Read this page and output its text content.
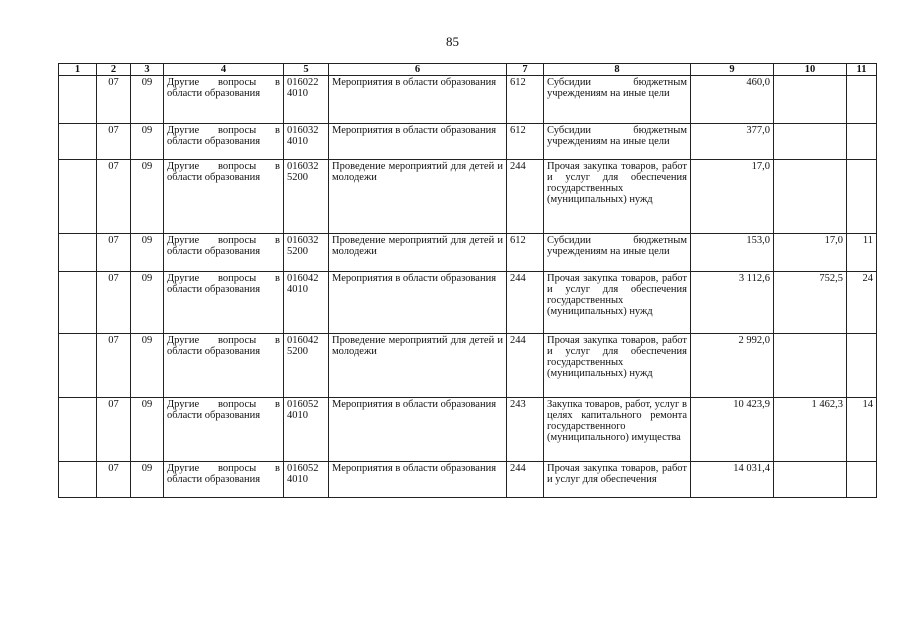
85
1	2	3	4	5	6	7	8	9	10	11
	07	09	Другие вопросы в области образования	016022 4010	Мероприятия в области образования	612	Субсидии бюджетным учреждениям на иные цели	460,0		
	07	09	Другие вопросы в области образования	016032 4010	Мероприятия в области образования	612	Субсидии бюджетным учреждениям на иные цели	377,0		
	07	09	Другие вопросы в области образования	016032 5200	Проведение мероприятий для детей и молодежи	244	Прочая закупка товаров, работ и услуг для обеспечения государственных (муниципальных) нужд	17,0		
	07	09	Другие вопросы в области образования	016032 5200	Проведение мероприятий для детей и молодежи	612	Субсидии бюджетным учреждениям на иные цели	153,0	17,0	11
	07	09	Другие вопросы в области образования	016042 4010	Мероприятия в области образования	244	Прочая закупка товаров, работ и услуг для обеспечения государственных (муниципальных) нужд	3 112,6	752,5	24
	07	09	Другие вопросы в области образования	016042 5200	Проведение мероприятий для детей и молодежи	244	Прочая закупка товаров, работ и услуг для обеспечения государственных (муниципальных) нужд	2 992,0		
	07	09	Другие вопросы в области образования	016052 4010	Мероприятия в области образования	243	Закупка товаров, работ, услуг в целях капитального ремонта государственного (муниципального) имущества	10 423,9	1 462,3	14
	07	09	Другие вопросы в области образования	016052 4010	Мероприятия в области образования	244	Прочая закупка товаров, работ и услуг для обеспечения	14 031,4		
